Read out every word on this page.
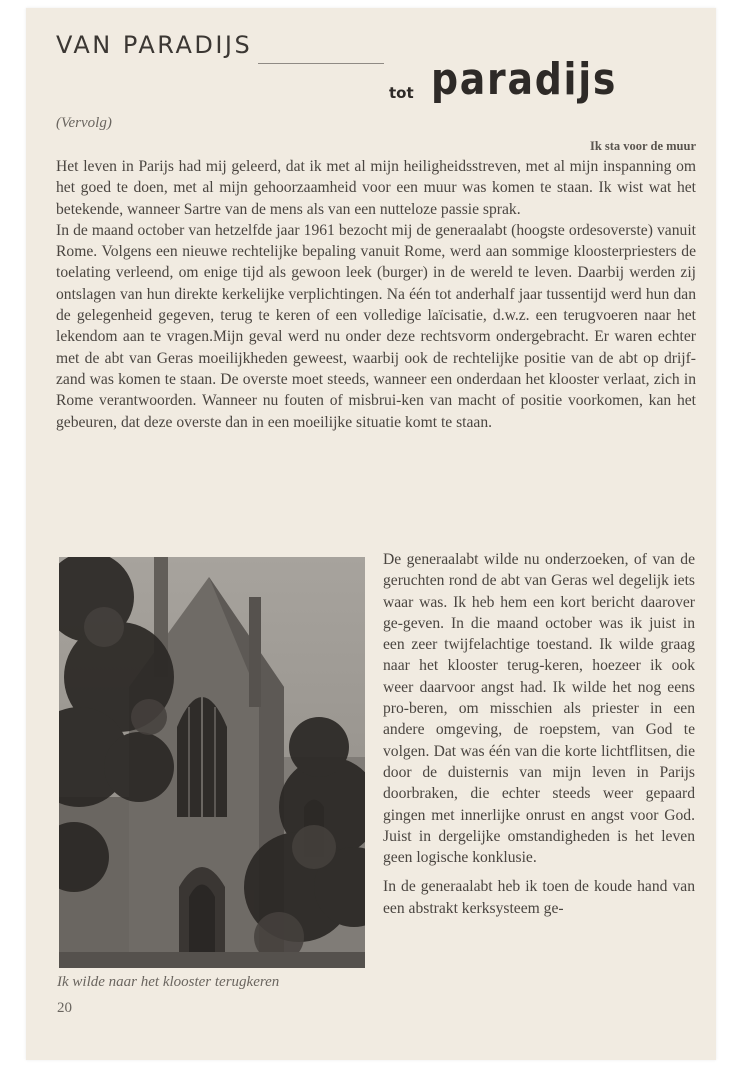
VAN PARADIJS
tot paradijs
(Vervolg)
Ik sta voor de muur

Het leven in Parijs had mij geleerd, dat ik met al mijn heiligheidsstreven, met al mijn inspanning om het goed te doen, met al mijn gehoorzaamheid voor een muur was komen te staan. Ik wist wat het betekende, wanneer Sartre van de mens als van een nutteloze passie sprak.

In de maand october van hetzelfde jaar 1961 bezocht mij de generaalabt (hoogste ordesoverste) vanuit Rome. Volgens een nieuwe rechtelijke bepaling vanuit Rome, werd aan sommige kloosterpriesters de toelating verleend, om enige tijd als gewoon leek (burger) in de wereld te leven. Daarbij werden zij ontslagen van hun direkte kerkelijke verplichtingen. Na één tot anderhalf jaar tussentijd werd hun dan de gelegenheid gegeven, terug te keren of een volledige laïcisatie, d.w.z. een terugvoeren naar het lekendom aan te vragen.Mijn geval werd nu onder deze rechtsvorm ondergebracht. Er waren echter met de abt van Geras moeilijkheden geweest, waarbij ook de rechtelijke positie van de abt op drijf-zand was komen te staan. De overste moet steeds, wanneer een onderdaan het klooster verlaat, zich in Rome verantwoorden. Wanneer nu fouten of misbrui-ken van macht of positie voorkomen, kan het gebeuren, dat deze overste dan in een moeilijke situatie komt te staan.

Ik wilde naar het klooster terugkeren
20

De generaalabt wilde nu onderzoeken, of van de geruchten rond de abt van Geras wel degelijk iets waar was. Ik heb hem een kort bericht daarover ge-geven. In die maand october was ik juist in een zeer twijfelachtige toestand. Ik wilde graag naar het klooster terug-keren, hoezeer ik ook weer daarvoor angst had. Ik wilde het nog eens pro-beren, om misschien als priester in een andere omgeving, de roepstem, van God te volgen. Dat was één van die korte lichtflitsen, die door de duisternis van mijn leven in Parijs doorbraken, die echter steeds weer gepaard gingen met innerlijke onrust en angst voor God. Juist in dergelijke omstandigheden is het leven geen logische konklusie.

In de generaalabt heb ik toen de koude hand van een abstrakt kerksysteem ge-
